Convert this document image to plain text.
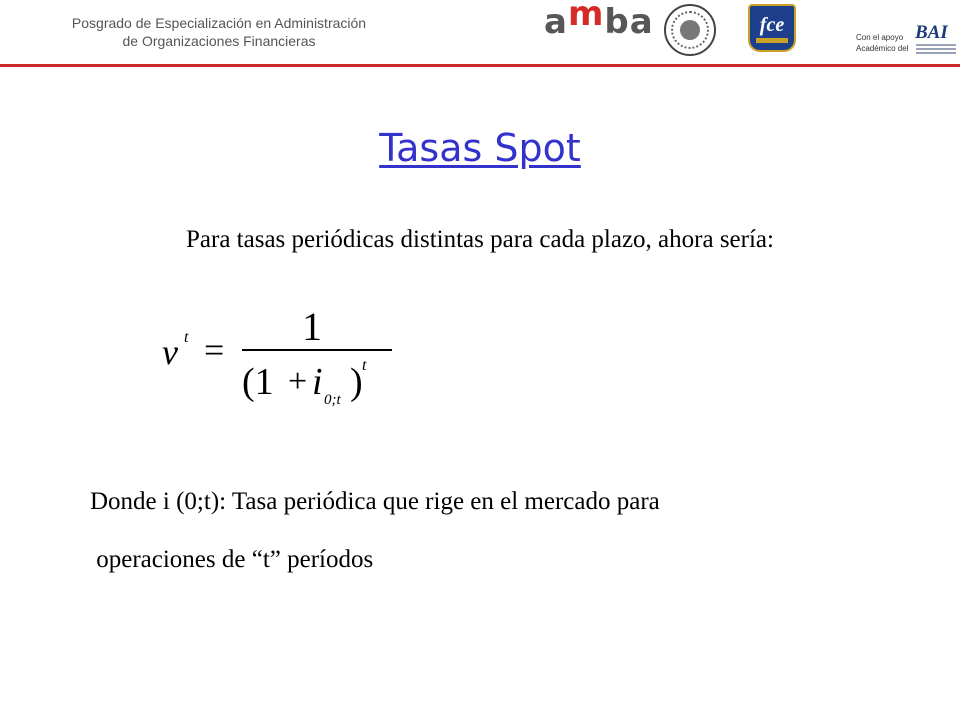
Posgrado de Especialización en Administración
de Organizaciones Financieras	amba	fce
Con el apoyo
Académico del
BAI
Tasas Spot
Para tasas periódicas distintas para cada plazo, ahora sería:
v t =
1
(1 + i 0;t ) t
Donde i (0;t): Tasa periódica que rige en el mercado para
operaciones de “t” períodos
